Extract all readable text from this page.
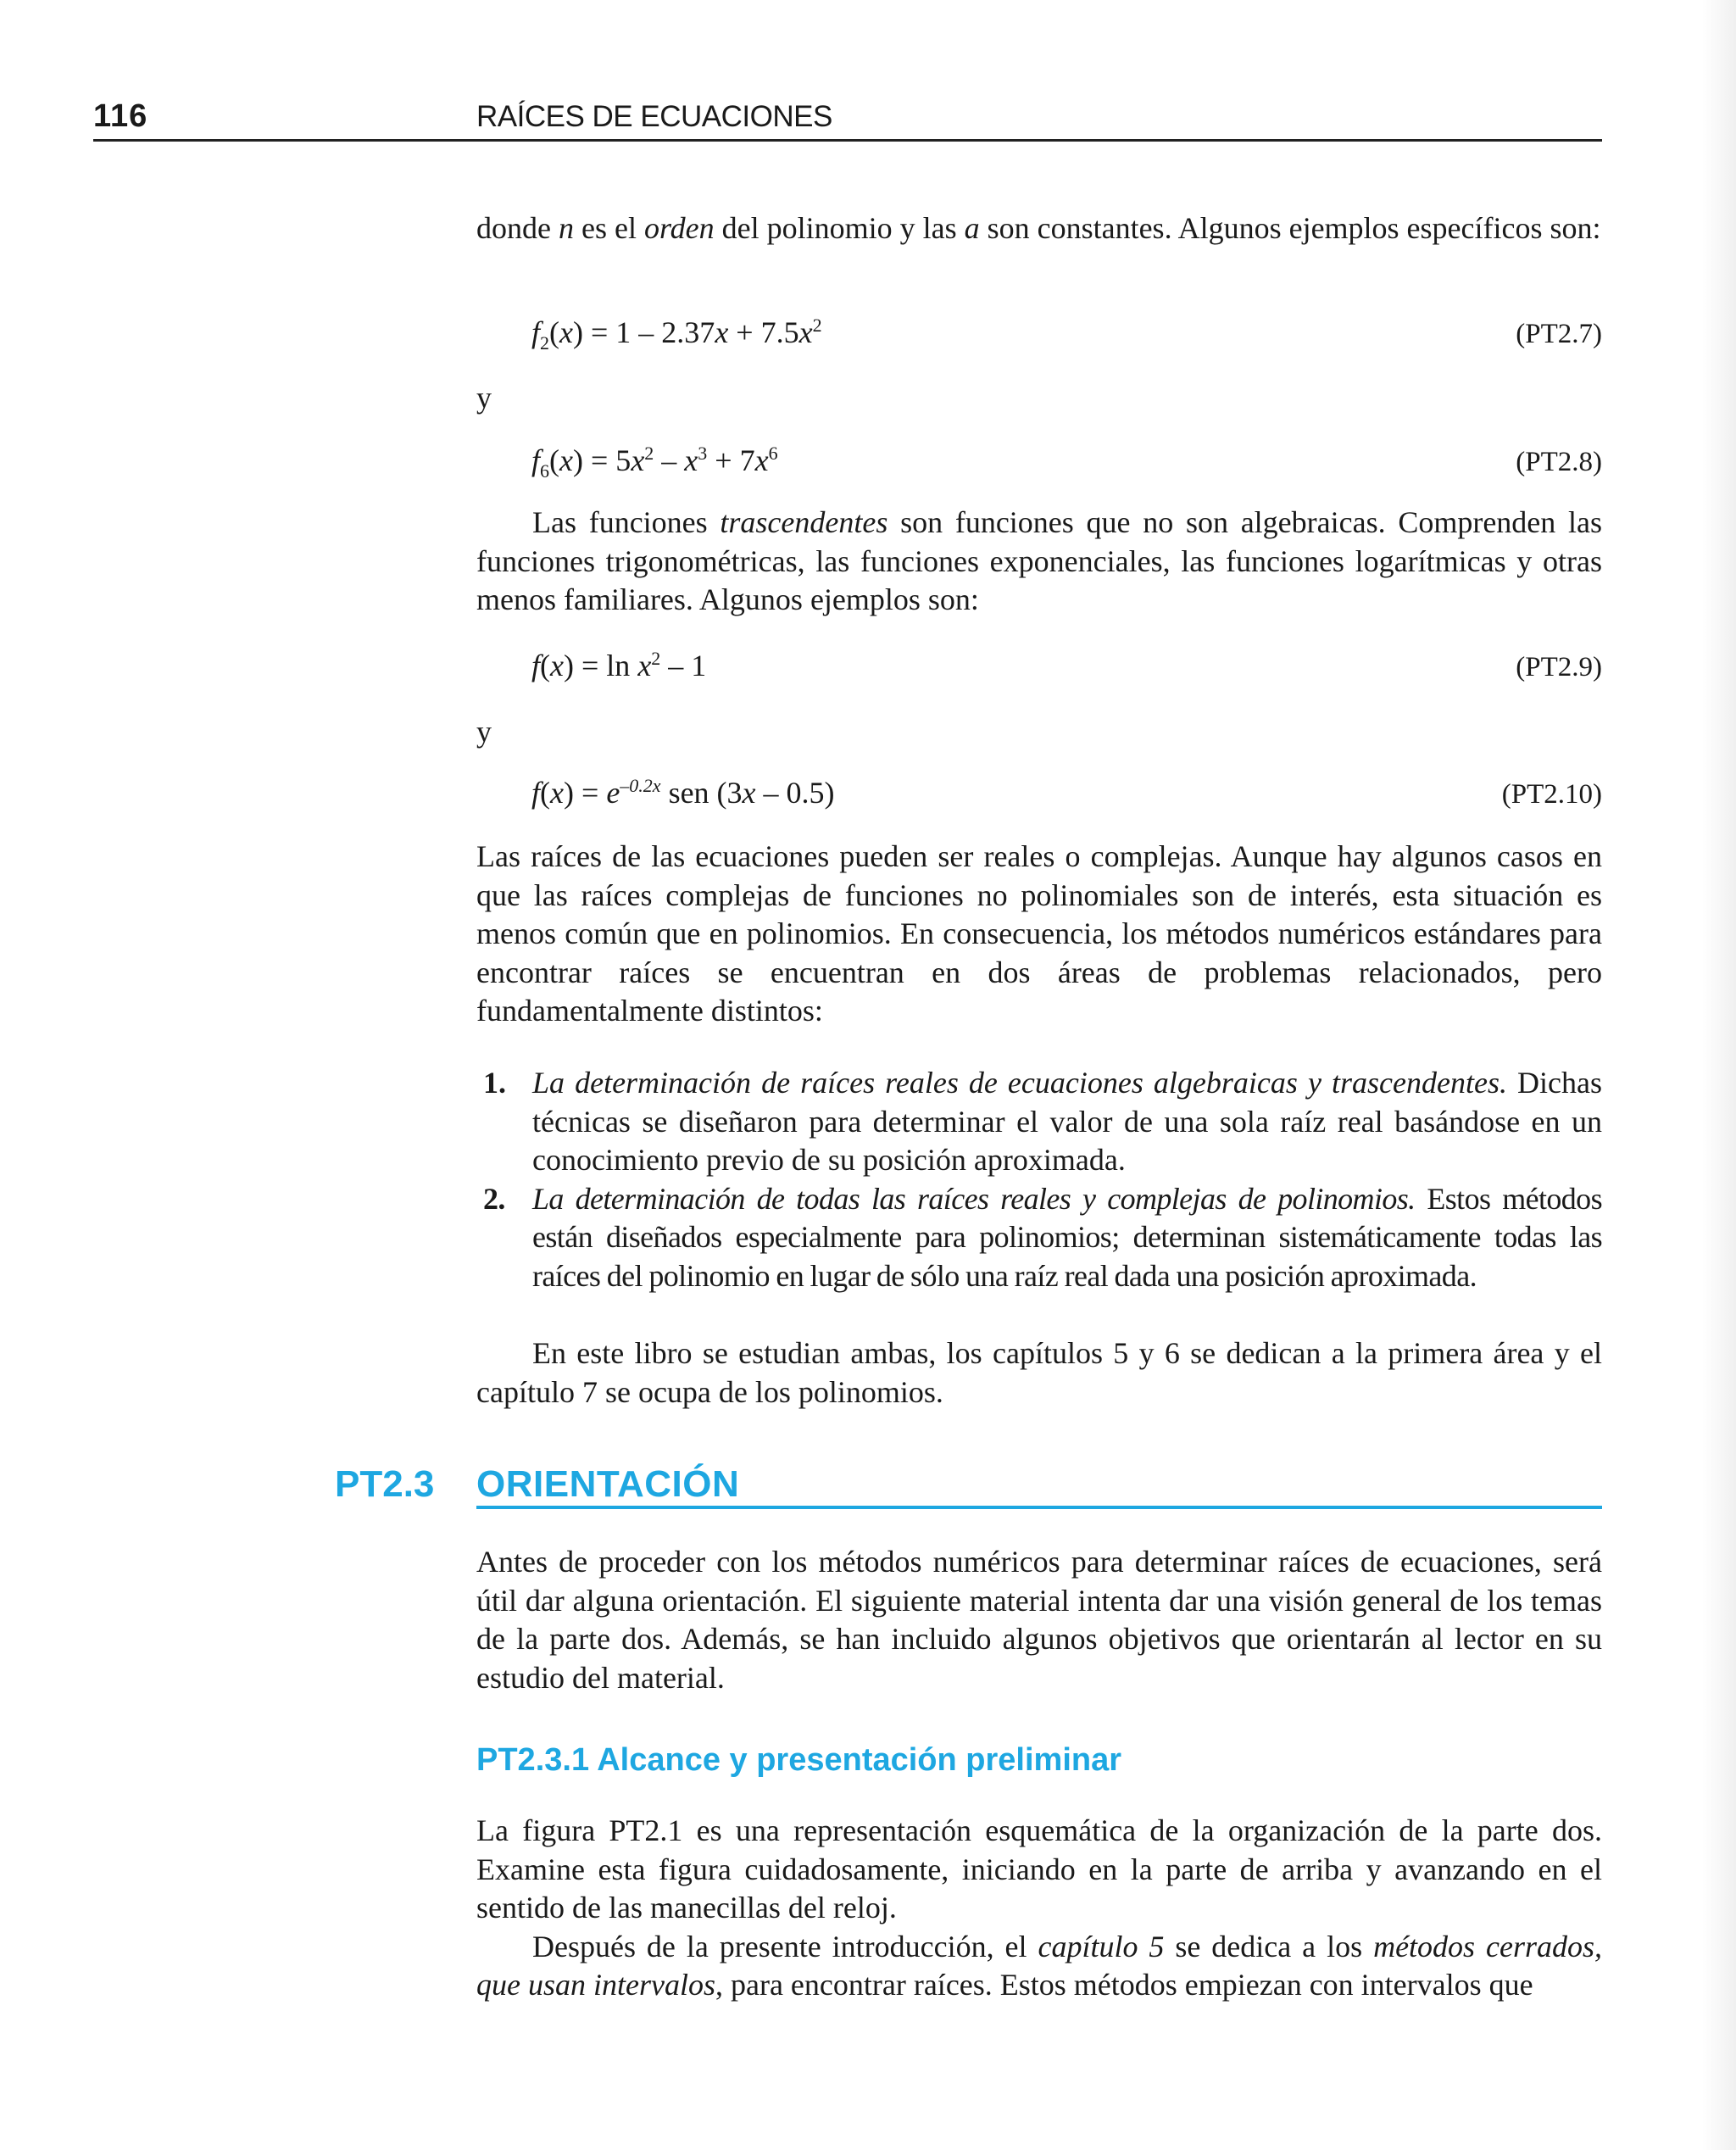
116	RAÍCES DE ECUACIONES

donde n es el orden del polinomio y las a son constantes. Algunos ejemplos específicos son:

$f_2(x) = 1 - 2.37x + 7.5x^2$	(PT2.7)
y
$f_6(x) = 5x^2 - x^3 + 7x^6$	(PT2.8)

Las funciones trascendentes son funciones que no son algebraicas. Comprenden las funciones trigonométricas, las funciones exponenciales, las funciones logarítmicas y otras menos familiares. Algunos ejemplos son:

$f(x) = \ln x^2 - 1$	(PT2.9)
y
$f(x) = e^{-0.2x}$ sen (3x – 0.5)	(PT2.10)

Las raíces de las ecuaciones pueden ser reales o complejas. Aunque hay algunos casos en que las raíces complejas de funciones no polinomiales son de interés, esta situación es menos común que en polinomios. En consecuencia, los métodos numéricos estándares para encontrar raíces se encuentran en dos áreas de problemas relacionados, pero fundamentalmente distintos:

1. La determinación de raíces reales de ecuaciones algebraicas y trascendentes. Dichas técnicas se diseñaron para determinar el valor de una sola raíz real basándose en un conocimiento previo de su posición aproximada.
2. La determinación de todas las raíces reales y complejas de polinomios. Estos métodos están diseñados especialmente para polinomios; determinan sistemáticamente todas las raíces del polinomio en lugar de sólo una raíz real dada una posición aproximada.

En este libro se estudian ambas, los capítulos 5 y 6 se dedican a la primera área y el capítulo 7 se ocupa de los polinomios.

PT2.3 ORIENTACIÓN

Antes de proceder con los métodos numéricos para determinar raíces de ecuaciones, será útil dar alguna orientación. El siguiente material intenta dar una visión general de los temas de la parte dos. Además, se han incluido algunos objetivos que orientarán al lector en su estudio del material.

PT2.3.1 Alcance y presentación preliminar

La figura PT2.1 es una representación esquemática de la organización de la parte dos. Examine esta figura cuidadosamente, iniciando en la parte de arriba y avanzando en el sentido de las manecillas del reloj.

Después de la presente introducción, el capítulo 5 se dedica a los métodos cerrados, que usan intervalos, para encontrar raíces. Estos métodos empiezan con intervalos que
